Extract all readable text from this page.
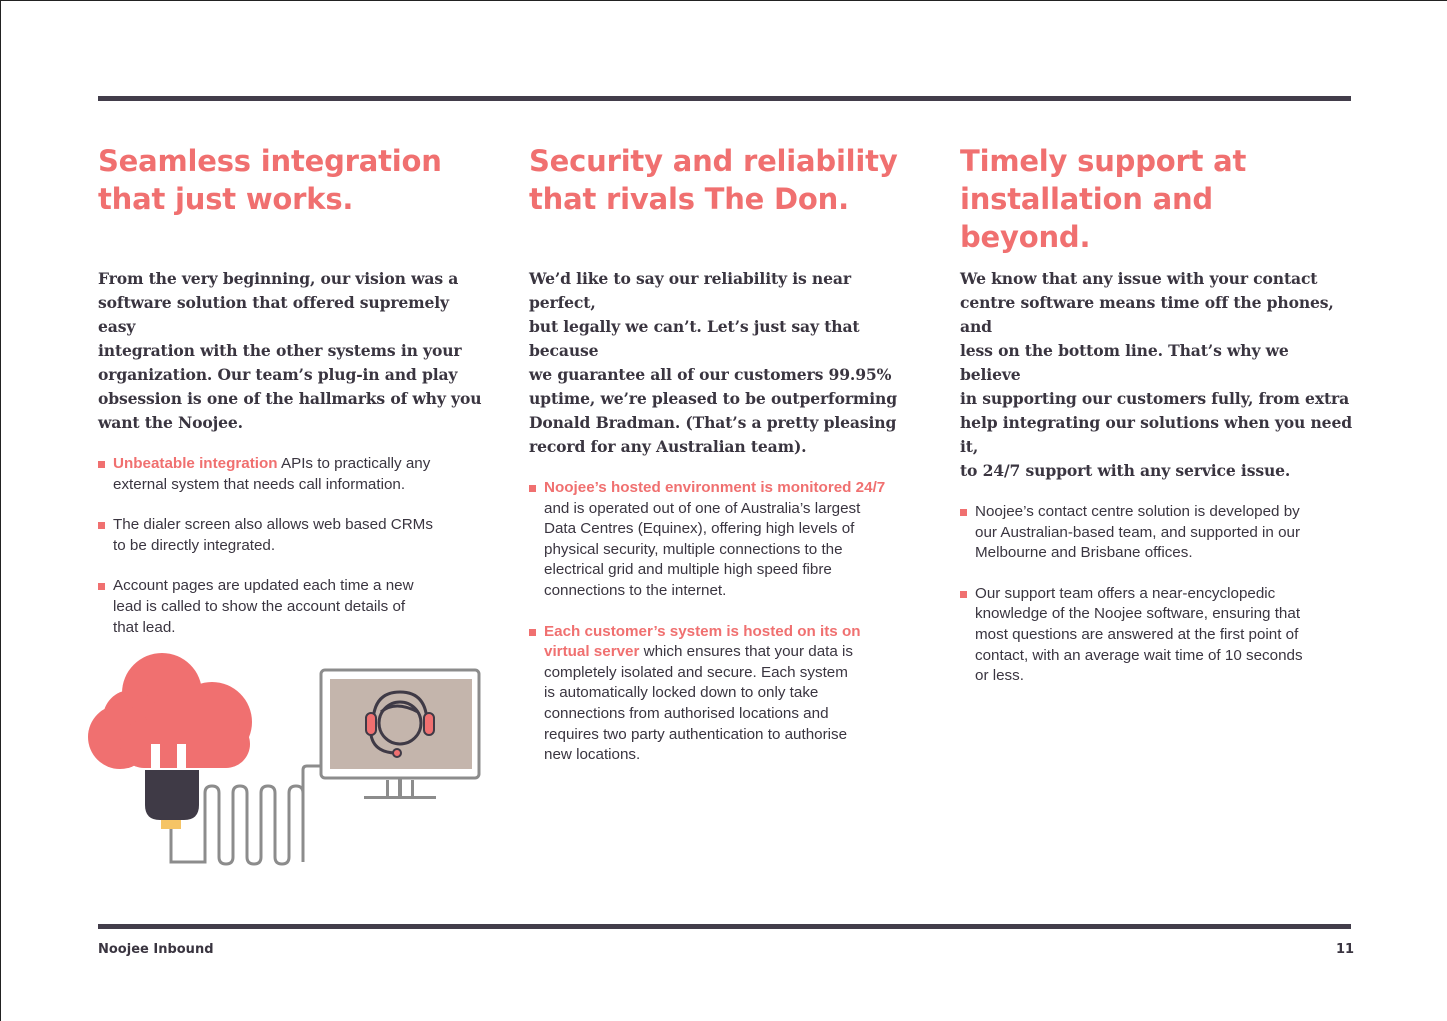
Seamless integration
that just works.

From the very beginning, our vision was a
software solution that offered supremely easy
integration with the other systems in your
organization. Our team’s plug-in and play
obsession is one of the hallmarks of why you
want the Noojee.

Unbeatable integration APIs to practically any
external system that needs call information.
The dialer screen also allows web based CRMs
to be directly integrated.
Account pages are updated each time a new
lead is called to show the account details of
that lead.
Security and reliability
that rivals The Don.

We’d like to say our reliability is near perfect,
but legally we can’t. Let’s just say that because
we guarantee all of our customers 99.95%
uptime, we’re pleased to be outperforming
Donald Bradman. (That’s a pretty pleasing
record for any Australian team).

Noojee’s hosted environment is monitored 24/7
and is operated out of one of Australia’s largest
Data Centres (Equinex), offering high levels of
physical security, multiple connections to the
electrical grid and multiple high speed fibre
connections to the internet.
Each customer’s system is hosted on its on
virtual server which ensures that your data is
completely isolated and secure. Each system
is automatically locked down to only take
connections from authorised locations and
requires two party authentication to authorise
new locations.
Timely support at
installation and beyond.

We know that any issue with your contact
centre software means time off the phones, and
less on the bottom line. That’s why we believe
in supporting our customers fully, from extra
help integrating our solutions when you need it,
to 24/7 support with any service issue.

Noojee’s contact centre solution is developed by
our Australian-based team, and supported in our
Melbourne and Brisbane offices.
Our support team offers a near-encyclopedic
knowledge of the Noojee software, ensuring that
most questions are answered at the first point of
contact, with an average wait time of 10 seconds
or less.
Noojee Inbound	11
